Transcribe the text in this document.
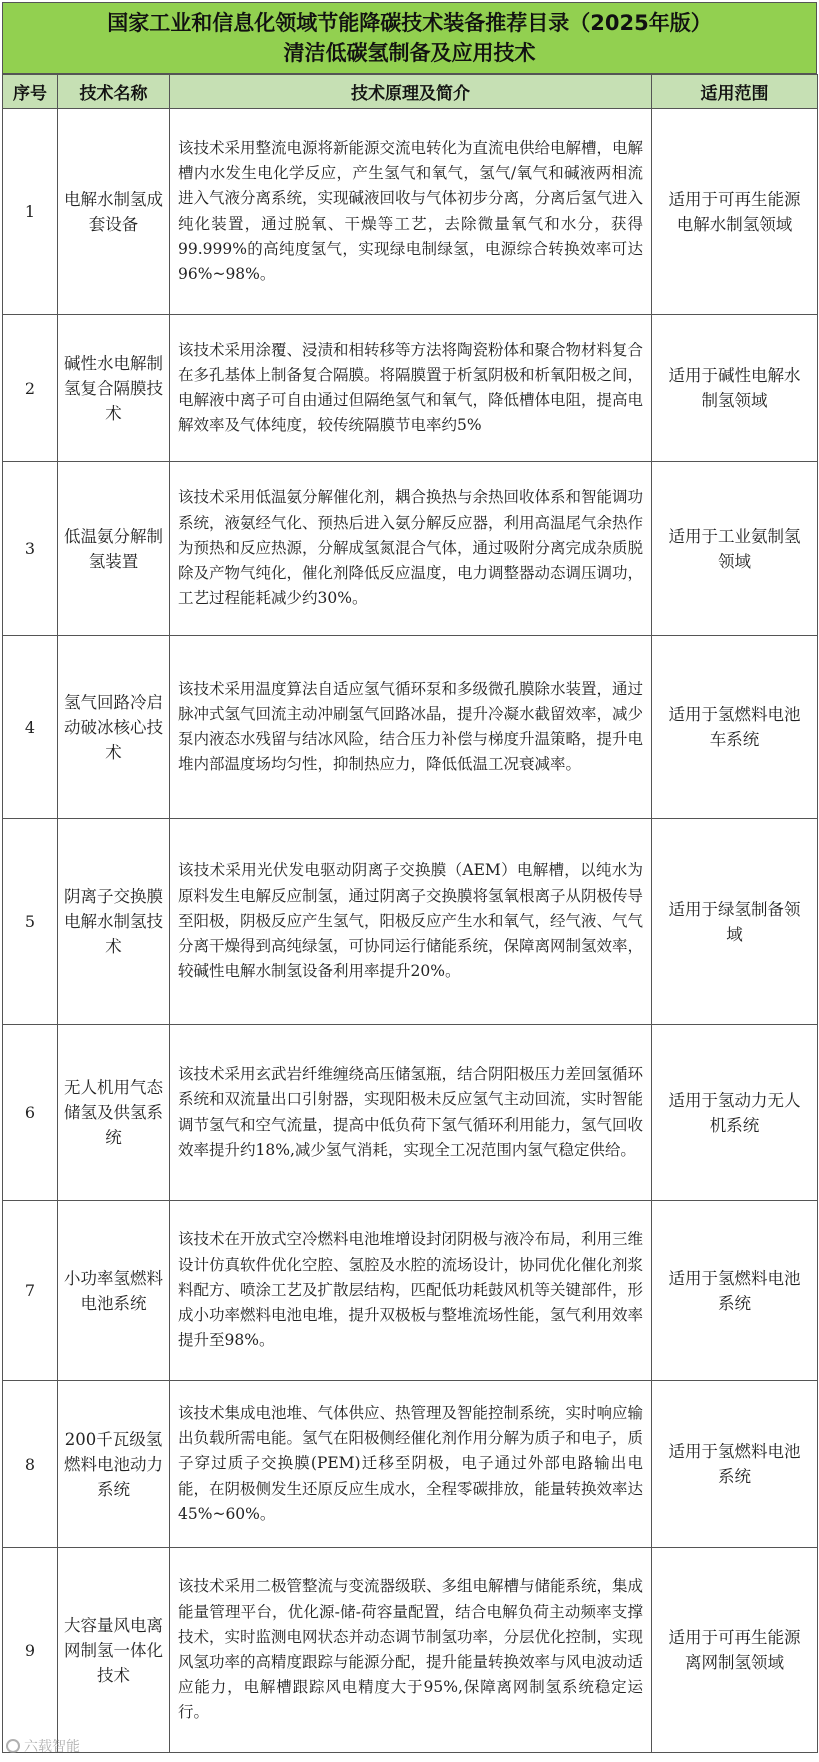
国家工业和信息化领域节能降碳技术装备推荐目录（2025年版）
清洁低碳氢制备及应用技术
序号	技术名称	技术原理及简介	适用范围
1	电解水制氢成套设备	该技术采用整流电源将新能源交流电转化为直流电供给电解槽，电解槽内水发生电化学反应，产生氢气和氧气，氢气/氧气和碱液两相流进入气液分离系统，实现碱液回收与气体初步分离，分离后氢气进入纯化装置，通过脱氧、干燥等工艺，去除微量氧气和水分，获得99.999%的高纯度氢气，实现绿电制绿氢，电源综合转换效率可达96%~98%。	适用于可再生能源电解水制氢领域
2	碱性水电解制氢复合隔膜技术	该技术采用涂覆、浸渍和相转移等方法将陶瓷粉体和聚合物材料复合在多孔基体上制备复合隔膜。将隔膜置于析氢阴极和析氧阳极之间，电解液中离子可自由通过但隔绝氢气和氧气，降低槽体电阻，提高电解效率及气体纯度，较传统隔膜节电率约5%	适用于碱性电解水制氢领域
3	低温氨分解制氢装置	该技术采用低温氨分解催化剂，耦合换热与余热回收体系和智能调功系统，液氨经气化、预热后进入氨分解反应器，利用高温尾气余热作为预热和反应热源，分解成氢氮混合气体，通过吸附分离完成杂质脱除及产物气纯化，催化剂降低反应温度，电力调整器动态调压调功，工艺过程能耗减少约30%。	适用于工业氨制氢领域
4	氢气回路冷启动破冰核心技术	该技术采用温度算法自适应氢气循环泵和多级微孔膜除水装置，通过脉冲式氢气回流主动冲刷氢气回路冰晶，提升冷凝水截留效率，减少泵内液态水残留与结冰风险，结合压力补偿与梯度升温策略，提升电堆内部温度场均匀性，抑制热应力，降低低温工况衰减率。	适用于氢燃料电池车系统
5	阴离子交换膜电解水制氢技术	该技术采用光伏发电驱动阴离子交换膜（AEM）电解槽，以纯水为原料发生电解反应制氢，通过阴离子交换膜将氢氧根离子从阴极传导至阳极，阴极反应产生氢气，阳极反应产生水和氧气，经气液、气气分离干燥得到高纯绿氢，可协同运行储能系统，保障离网制氢效率，较碱性电解水制氢设备利用率提升20%。	适用于绿氢制备领域
6	无人机用气态储氢及供氢系统	该技术采用玄武岩纤维缠绕高压储氢瓶，结合阴阳极压力差回氢循环系统和双流量出口引射器，实现阳极未反应氢气主动回流，实时智能调节氢气和空气流量，提高中低负荷下氢气循环利用能力，氢气回收效率提升约18%,减少氢气消耗，实现全工况范围内氢气稳定供给。	适用于氢动力无人机系统
7	小功率氢燃料电池系统	该技术在开放式空冷燃料电池堆增设封闭阴极与液冷布局，利用三维设计仿真软件优化空腔、氢腔及水腔的流场设计，协同优化催化剂浆料配方、喷涂工艺及扩散层结构，匹配低功耗鼓风机等关键部件，形成小功率燃料电池电堆，提升双极板与整堆流场性能，氢气利用效率提升至98%。	适用于氢燃料电池系统
8	200千瓦级氢燃料电池动力系统	该技术集成电池堆、气体供应、热管理及智能控制系统，实时响应输出负载所需电能。氢气在阳极侧经催化剂作用分解为质子和电子，质子穿过质子交换膜(PEM)迁移至阴极，电子通过外部电路输出电能，在阴极侧发生还原反应生成水，全程零碳排放，能量转换效率达45%~60%。	适用于氢燃料电池系统
9	大容量风电离网制氢一体化技术	该技术采用二极管整流与变流器级联、多组电解槽与储能系统，集成能量管理平台，优化源-储-荷容量配置，结合电解负荷主动频率支撑技术，实时监测电网状态并动态调节制氢功率，分层优化控制，实现风氢功率的高精度跟踪与能源分配，提升能量转换效率与风电波动适应能力，电解槽跟踪风电精度大于95%,保障离网制氢系统稳定运行。	适用于可再生能源离网制氢领域
六载智能
